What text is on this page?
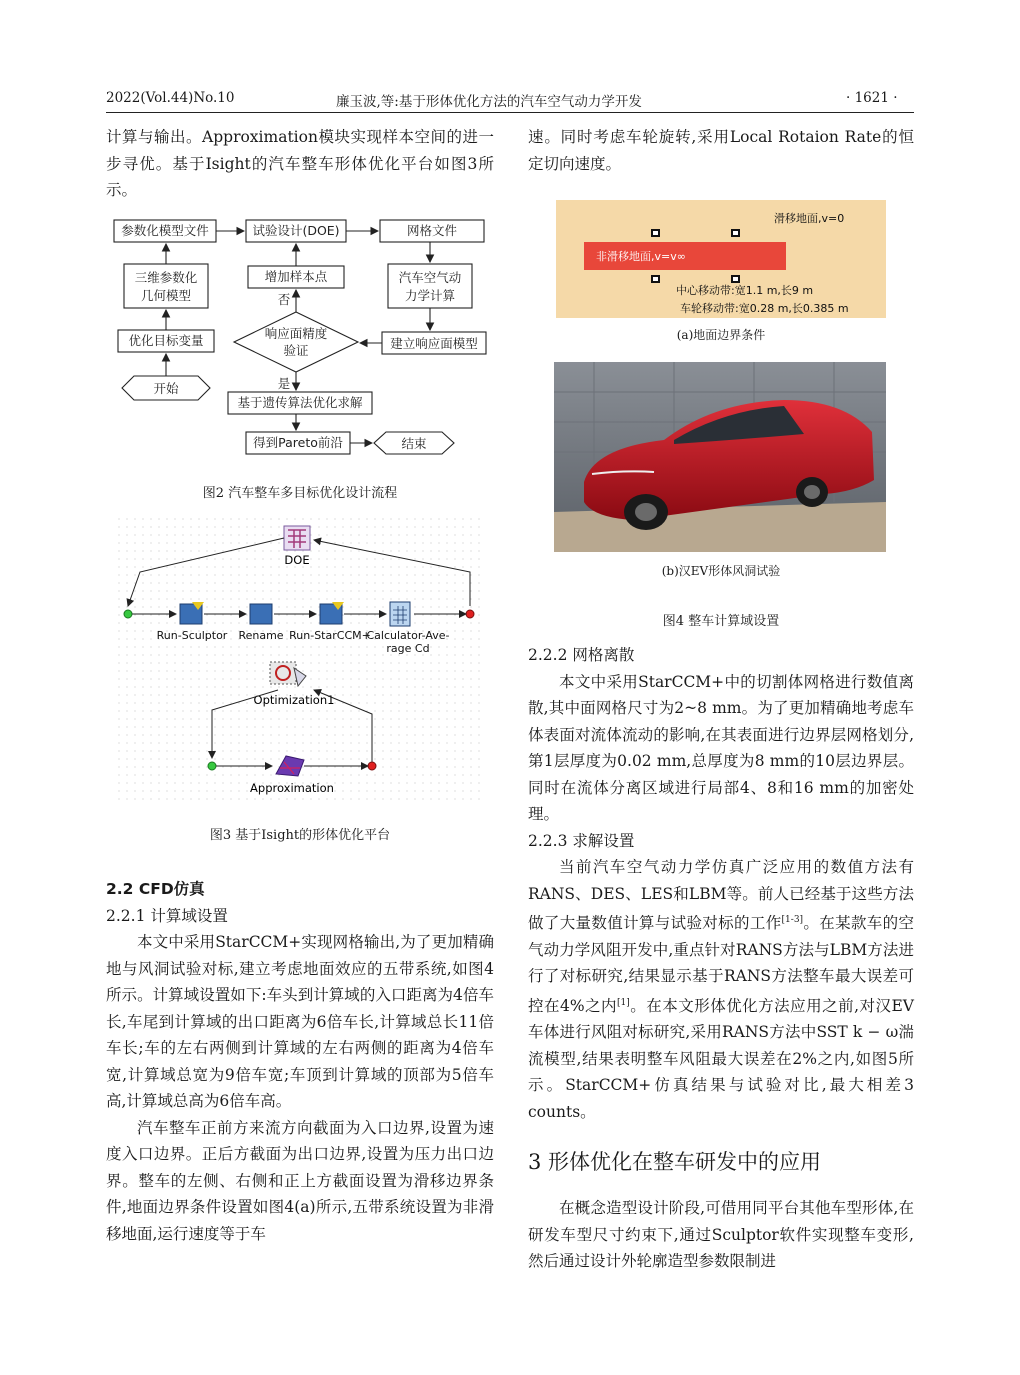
2022(Vol.44)No.10	廉玉波,等:基于形体优化方法的汽车空气动力学开发	· 1621 ·

计算与输出。Approximation模块实现样本空间的进一步寻优。基于Isight的汽车整车形体优化平台如图3所示。

参数化模型文件	试验设计(DOE)	网格文件
三维参数化
几何模型
增加样本点	汽车空气动
力学计算
响应面精度
验证
否
是
优化目标变量	建立响应面模型
开始
基于遗传算法优化求解
得到Pareto前沿	结束
图2 汽车整车多目标优化设计流程
DOE
Run-Sculptor Rename Run-StarCCM+
Calculator-Ave-
rage Cd
Optimization1
Approximation
图3 基于Isight的形体优化平台

2.2 CFD仿真

2.2.1 计算域设置

本文中采用StarCCM+实现网格输出,为了更加精确地与风洞试验对标,建立考虑地面效应的五带系统,如图4所示。计算域设置如下:车头到计算域的入口距离为4倍车长,车尾到计算域的出口距离为6倍车长,计算域总长11倍车长;车的左右两侧到计算域的左右两侧的距离为4倍车宽,计算域总宽为9倍车宽;车顶到计算域的顶部为5倍车高,计算域总高为6倍车高。

汽车整车正前方来流方向截面为入口边界,设置为速度入口边界。正后方截面为出口边界,设置为压力出口边界。整车的左侧、右侧和正上方截面设置为滑移边界条件,地面边界条件设置如图4(a)所示,五带系统设置为非滑移地面,运行速度等于车

速。同时考虑车轮旋转,采用Local Rotaion Rate的恒定切向速度。

滑移地面,v=0
非滑移地面,v=v∞
中心移动带:宽1.1 m,长9 m
车轮移动带:宽0.28 m,长0.385 m
(a)地面边界条件
(b)汉EV形体风洞试验
图4 整车计算域设置

2.2.2 网格离散

本文中采用StarCCM+中的切割体网格进行数值离散,其中面网格尺寸为2~8 mm。为了更加精确地考虑车体表面对流体流动的影响,在其表面进行边界层网格划分,第1层厚度为0.02 mm,总厚度为8 mm的10层边界层。同时在流体分离区域进行局部4、8和16 mm的加密处理。

2.2.3 求解设置

当前汽车空气动力学仿真广泛应用的数值方法有RANS、DES、LES和LBM等。前人已经基于这些方法做了大量数值计算与试验对标的工作[1-3]。在某款车的空气动力学风阻开发中,重点针对RANS方法与LBM方法进行了对标研究,结果显示基于RANS方法整车最大误差可控在4%之内[1]。在本文形体优化方法应用之前,对汉EV车体进行风阻对标研究,采用RANS方法中SST k − ω湍流模型,结果表明整车风阻最大误差在2%之内,如图5所示。StarCCM+仿真结果与试验对比,最大相差3 counts。

3 形体优化在整车研发中的应用

在概念造型设计阶段,可借用同平台其他车型形体,在研发车型尺寸约束下,通过Sculptor软件实现整车变形,然后通过设计外轮廓造型参数限制进
